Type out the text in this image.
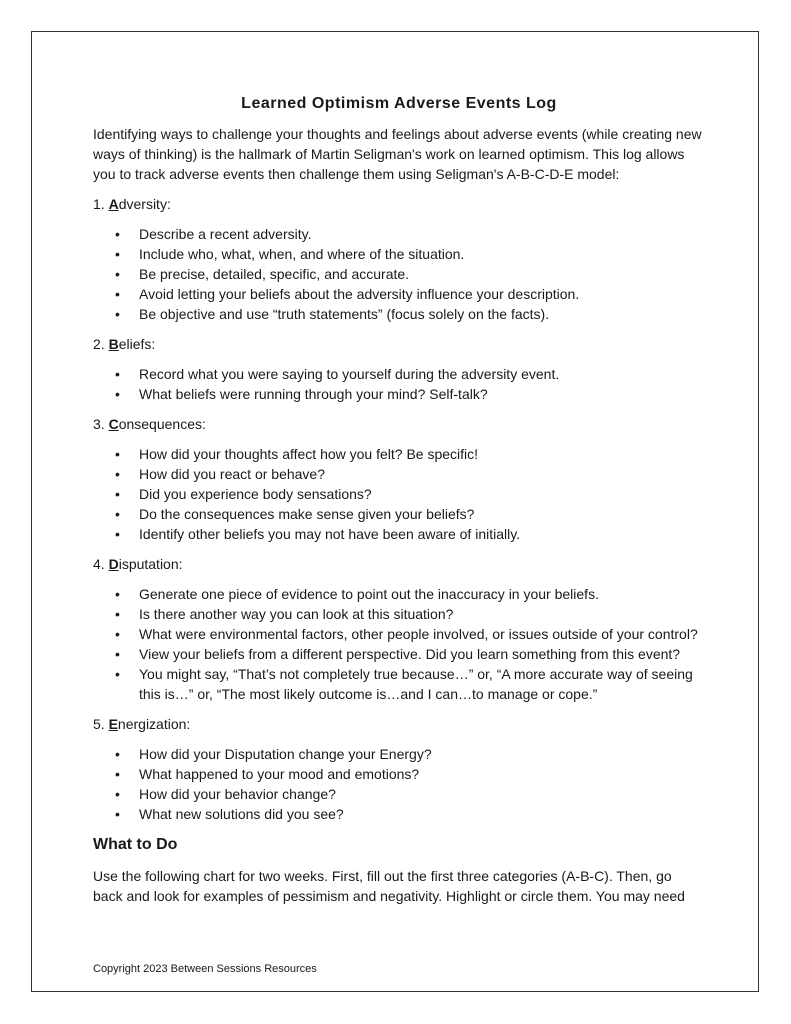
Learned Optimism Adverse Events Log

Identifying ways to challenge your thoughts and feelings about adverse events (while creating new ways of thinking) is the hallmark of Martin Seligman's work on learned optimism. This log allows you to track adverse events then challenge them using Seligman's A-B-C-D-E model:

1. Adversity:

• Describe a recent adversity.
• Include who, what, when, and where of the situation.
• Be precise, detailed, specific, and accurate.
• Avoid letting your beliefs about the adversity influence your description.
• Be objective and use “truth statements” (focus solely on the facts).

2. Beliefs:

• Record what you were saying to yourself during the adversity event.
• What beliefs were running through your mind? Self-talk?

3. Consequences:

• How did your thoughts affect how you felt? Be specific!
• How did you react or behave?
• Did you experience body sensations?
• Do the consequences make sense given your beliefs?
• Identify other beliefs you may not have been aware of initially.

4. Disputation:

• Generate one piece of evidence to point out the inaccuracy in your beliefs.
• Is there another way you can look at this situation?
• What were environmental factors, other people involved, or issues outside of your control?
• View your beliefs from a different perspective. Did you learn something from this event?
• You might say, “That’s not completely true because…” or, “A more accurate way of seeing this is…” or, “The most likely outcome is…and I can…to manage or cope.”

5. Energization:

• How did your Disputation change your Energy?
• What happened to your mood and emotions?
• How did your behavior change?
• What new solutions did you see?
What to Do

Use the following chart for two weeks. First, fill out the first three categories (A-B-C). Then, go back and look for examples of pessimism and negativity. Highlight or circle them. You may need

Copyright 2023 Between Sessions Resources
